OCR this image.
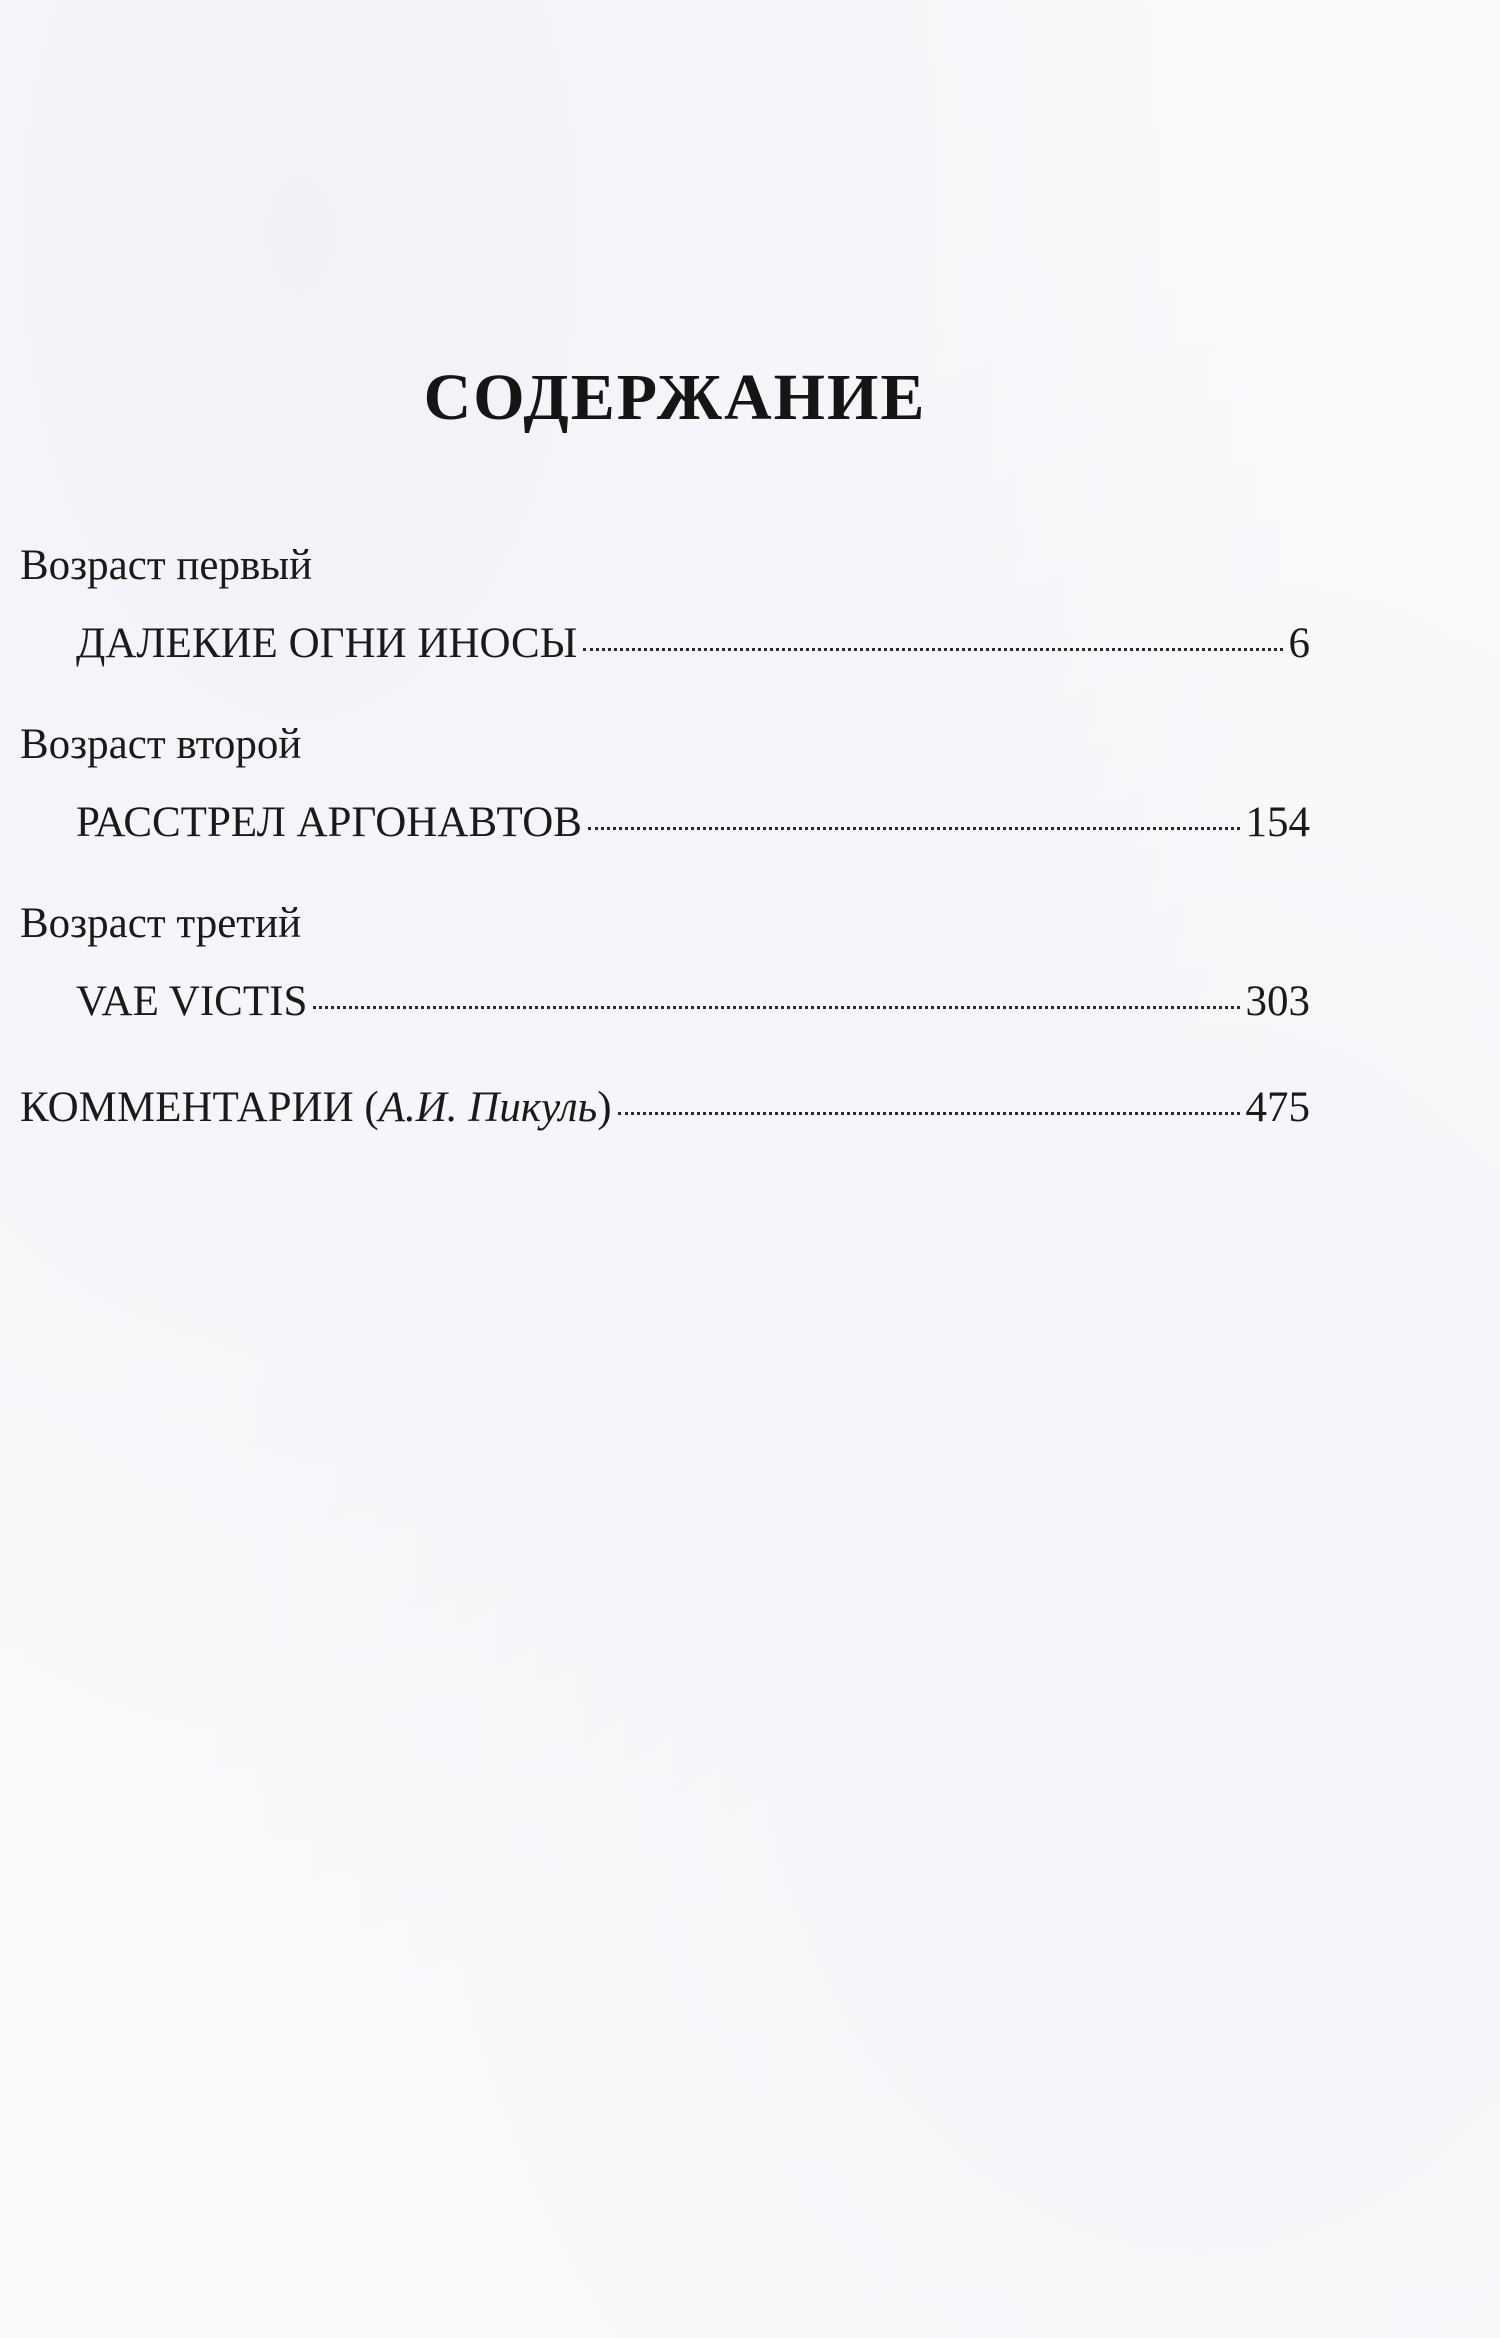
СОДЕРЖАНИЕ
Возраст первый
ДАЛЕКИЕ ОГНИ ИНОСЫ	6
Возраст второй
РАССТРЕЛ АРГОНАВТОВ	154
Возраст третий
VAE VICTIS	303
КОММЕНТАРИИ (А.И. Пикуль)	475
